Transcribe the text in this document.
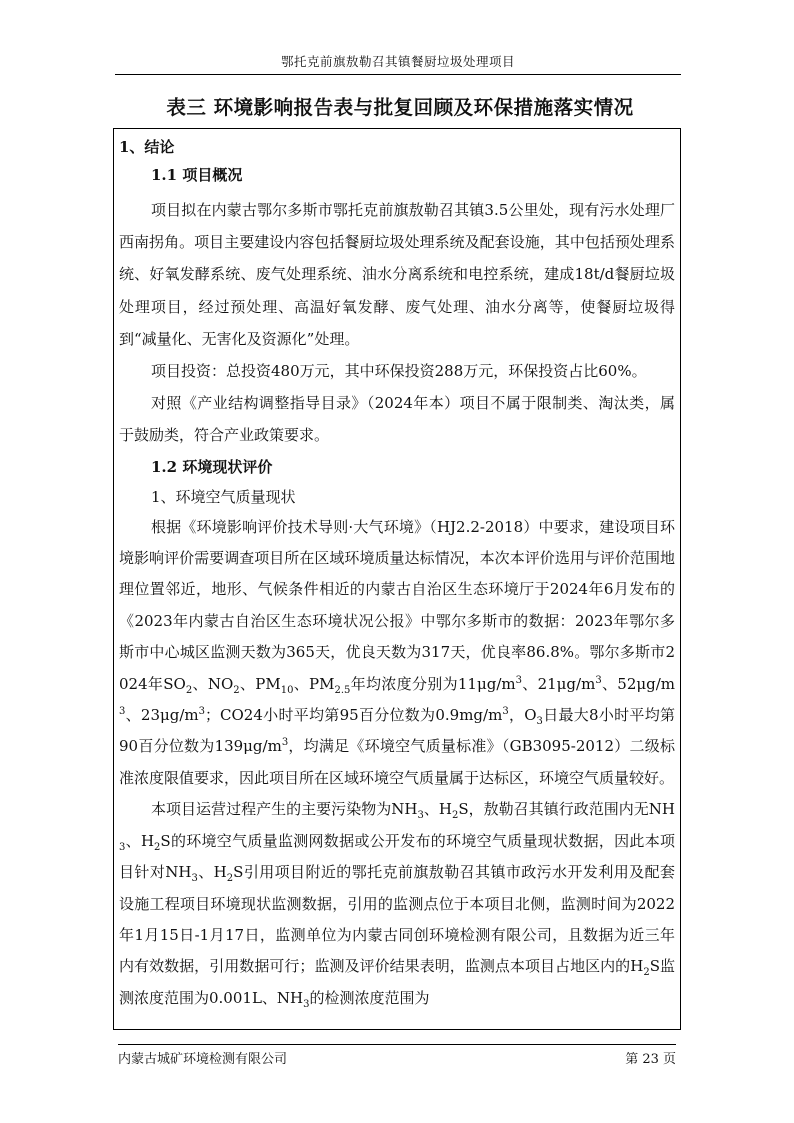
鄂托克前旗敖勒召其镇餐厨垃圾处理项目
表三 环境影响报告表与批复回顾及环保措施落实情况

1、结论

1.1 项目概况

项目拟在内蒙古鄂尔多斯市鄂托克前旗敖勒召其镇3.5公里处，现有污水处理厂西南拐角。项目主要建设内容包括餐厨垃圾处理系统及配套设施，其中包括预处理系统、好氧发酵系统、废气处理系统、油水分离系统和电控系统，建成18t/d餐厨垃圾处理项目，经过预处理、高温好氧发酵、废气处理、油水分离等，使餐厨垃圾得到“减量化、无害化及资源化”处理。

项目投资：总投资480万元，其中环保投资288万元，环保投资占比60%。

对照《产业结构调整指导目录》（2024年本）项目不属于限制类、淘汰类，属于鼓励类，符合产业政策要求。

1.2 环境现状评价

1、环境空气质量现状

根据《环境影响评价技术导则·大气环境》（HJ2.2-2018）中要求，建设项目环境影响评价需要调查项目所在区域环境质量达标情况，本次本评价选用与评价范围地理位置邻近，地形、气候条件相近的内蒙古自治区生态环境厅于2024年6月发布的《2023年内蒙古自治区生态环境状况公报》中鄂尔多斯市的数据：2023年鄂尔多斯市中心城区监测天数为365天，优良天数为317天，优良率86.8%。鄂尔多斯市2024年$SO_2$、$NO_2$、$PM_{10}$、$PM_{2.5}$年均浓度分别为$11\mu g/m^3$、$21\mu g/m^3$、$52\mu g/m^3$、$23\mu g/m^3$；CO24小时平均第95百分位数为$0.9mg/m^3$，$O_3$日最大8小时平均第90百分位数为$139\mu g/m^3$，均满足《环境空气质量标准》（GB3095-2012）二级标准浓度限值要求，因此项目所在区域环境空气质量属于达标区，环境空气质量较好。

本项目运营过程产生的主要污染物为$NH_3$、$H_2S$，敖勒召其镇行政范围内无$NH_3$、$H_2S$的环境空气质量监测网数据或公开发布的环境空气质量现状数据，因此本项目针对$NH_3$、$H_2S$引用项目附近的鄂托克前旗敖勒召其镇市政污水开发利用及配套设施工程项目环境现状监测数据，引用的监测点位于本项目北侧，监测时间为2022年1月15日-1月17日，监测单位为内蒙古同创环境检测有限公司，且数据为近三年内有效数据，引用数据可行；监测及评价结果表明，监测点本项目占地区内的$H_2S$监测浓度范围为0.001L、$NH_3$的检测浓度范围为

内蒙古城矿环境检测有限公司	第 23 页
